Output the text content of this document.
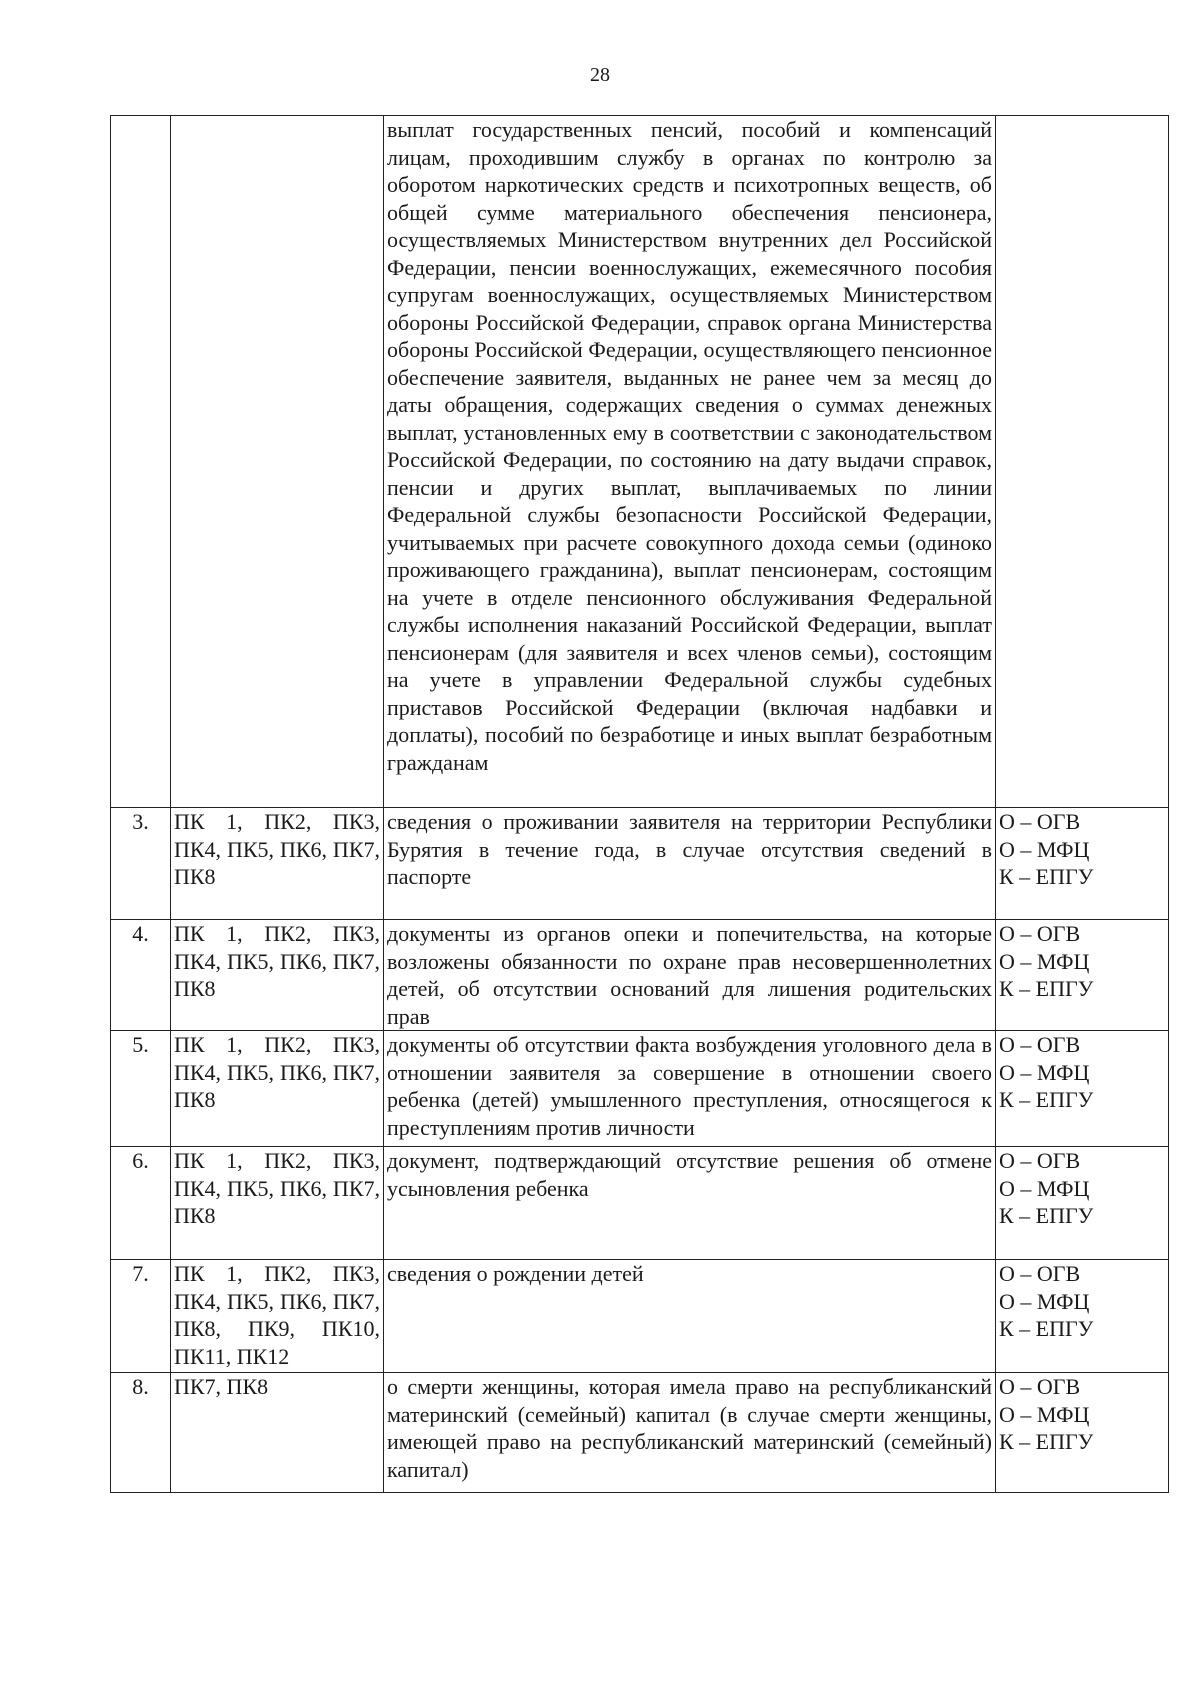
28
		выплат государственных пенсий, пособий и компенсаций лицам, проходившим службу в органах по контролю за оборотом наркотических средств и психотропных веществ, об общей сумме материального обеспечения пенсионера, осуществляемых Министерством внутренних дел Российской Федерации, пенсии военнослужащих, ежемесячного пособия супругам военнослужащих, осуществляемых Министерством обороны Российской Федерации, справок органа Министерства обороны Российской Федерации, осуществляющего пенсионное обеспечение заявителя, выданных не ранее чем за месяц до даты обращения, содержащих сведения о суммах денежных выплат, установленных ему в соответствии с законодательством Российской Федерации, по состоянию на дату выдачи справок, пенсии и других выплат, выплачиваемых по линии Федеральной службы безопасности Российской Федерации, учитываемых при расчете совокупного дохода семьи (одиноко проживающего гражданина), выплат пенсионерам, состоящим на учете в отделе пенсионного обслуживания Федеральной службы исполнения наказаний Российской Федерации, выплат пенсионерам (для заявителя и всех членов семьи), состоящим на учете в управлении Федеральной службы судебных приставов Российской Федерации (включая надбавки и доплаты), пособий по безработице и иных выплат безработным гражданам	
3.	ПК 1, ПК2, ПК3, ПК4, ПК5, ПК6, ПК7, ПК8	сведения о проживании заявителя на территории Республики Бурятия в течение года, в случае отсутствия сведений в паспорте	О – ОГВ
О – МФЦ
К – ЕПГУ
4.	ПК 1, ПК2, ПК3, ПК4, ПК5, ПК6, ПК7, ПК8	документы из органов опеки и попечительства, на которые возложены обязанности по охране прав несовершеннолетних детей, об отсутствии оснований для лишения родительских прав	О – ОГВ
О – МФЦ
К – ЕПГУ
5.	ПК 1, ПК2, ПК3, ПК4, ПК5, ПК6, ПК7, ПК8	документы об отсутствии факта возбуждения уголовного дела в отношении заявителя за совершение в отношении своего ребенка (детей) умышленного преступления, относящегося к преступлениям против личности	О – ОГВ
О – МФЦ
К – ЕПГУ
6.	ПК 1, ПК2, ПК3, ПК4, ПК5, ПК6, ПК7, ПК8	документ, подтверждающий отсутствие решения об отмене усыновления ребенка	О – ОГВ
О – МФЦ
К – ЕПГУ
7.	ПК 1, ПК2, ПК3, ПК4, ПК5, ПК6, ПК7, ПК8, ПК9, ПК10, ПК11, ПК12	сведения о рождении детей	О – ОГВ
О – МФЦ
К – ЕПГУ
8.	ПК7, ПК8	о смерти женщины, которая имела право на республиканский материнский (семейный) капитал (в случае смерти женщины, имеющей право на республиканский материнский (семейный) капитал)	О – ОГВ
О – МФЦ
К – ЕПГУ
